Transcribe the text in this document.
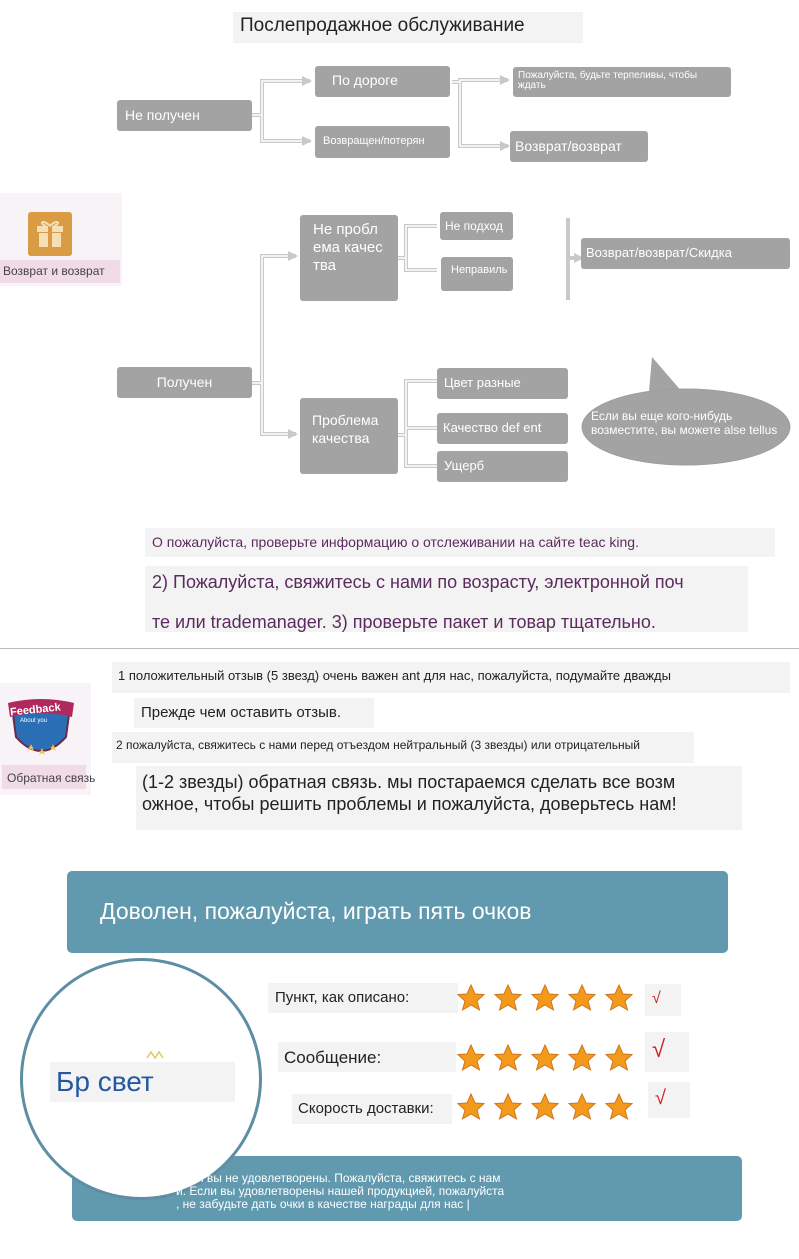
Послепродажное обслуживание
Не получен
По дороге
Возвращен/потерян
Пожалуйста, будьте терпеливы, чтобы ждать
Возврат/возврат
Возврат и возврат
Получен
Не проблема качества
Не подход
Неправиль
Возврат/возврат/Скидка
Проблема качества
Цвет разные
Качество def ent
Ущерб
Если вы еще кого-нибудь возместите, вы можете alse tellus
О пожалуйста, проверьте информацию о отслеживании на сайте teac king.
2) Пожалуйста, свяжитесь с нами по возрасту, электронной поч
те или trademanager. 3) проверьте пакет и товар тщательно.
Feedback
About you
Обратная связь
1 положительный отзыв (5 звезд) очень важен ant для нас, пожалуйста, подумайте дважды
Прежде чем оставить отзыв.
2 пожалуйста, свяжитесь с нами перед отъездом нейтральный (3 звезды) или отрицательный
(1-2 звезды) обратная связь. мы постараемся сделать все возм
ожное, чтобы решить проблемы и пожалуйста, доверьтесь нам!
Доволен, пожалуйста, играть пять очков
Бр свет
Пункт, как описано:	√
Сообщение:	√
Скорость доставки:	√
Если вы не удовлетворены. Пожалуйста, свяжитесь с нам
и. Если вы удовлетворены нашей продукцией, пожалуйста
, не забудьте дать очки в качестве награды для нас |
